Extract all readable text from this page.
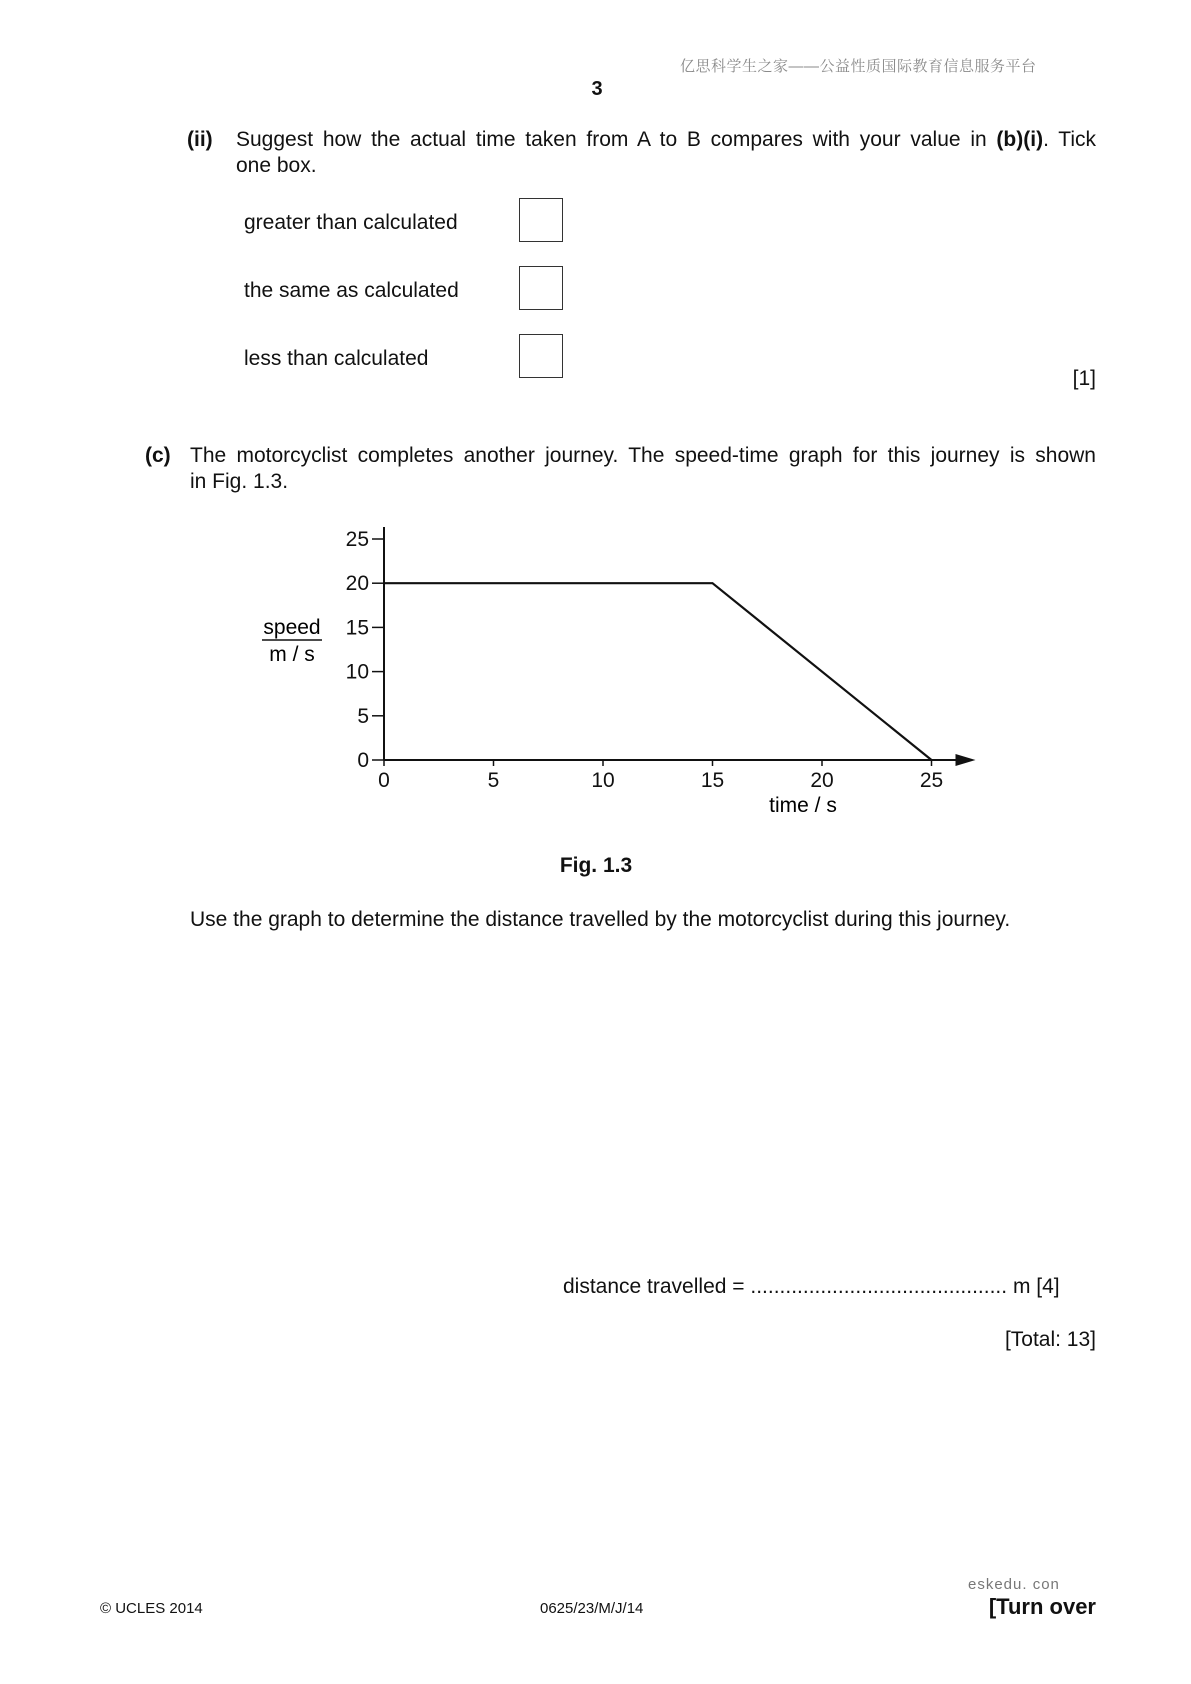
亿思科学生之家——公益性质国际教育信息服务平台
3
(ii) Suggest how the actual time taken from A to B compares with your value in (b)(i). Tick
one box.
greater than calculated
the same as calculated
less than calculated
[1]
(c) The motorcyclist completes another journey. The speed-time graph for this journey is shown
in Fig. 1.3.
0
5
10
15
20
25
0	5	10	15	20	25
speed
m / s
time / s
Fig. 1.3
Use the graph to determine the distance travelled by the motorcyclist during this journey.
distance travelled = ............................................ m [4]
[Total: 13]
eskedu. con
© UCLES 2014	0625/23/M/J/14	[Turn over
